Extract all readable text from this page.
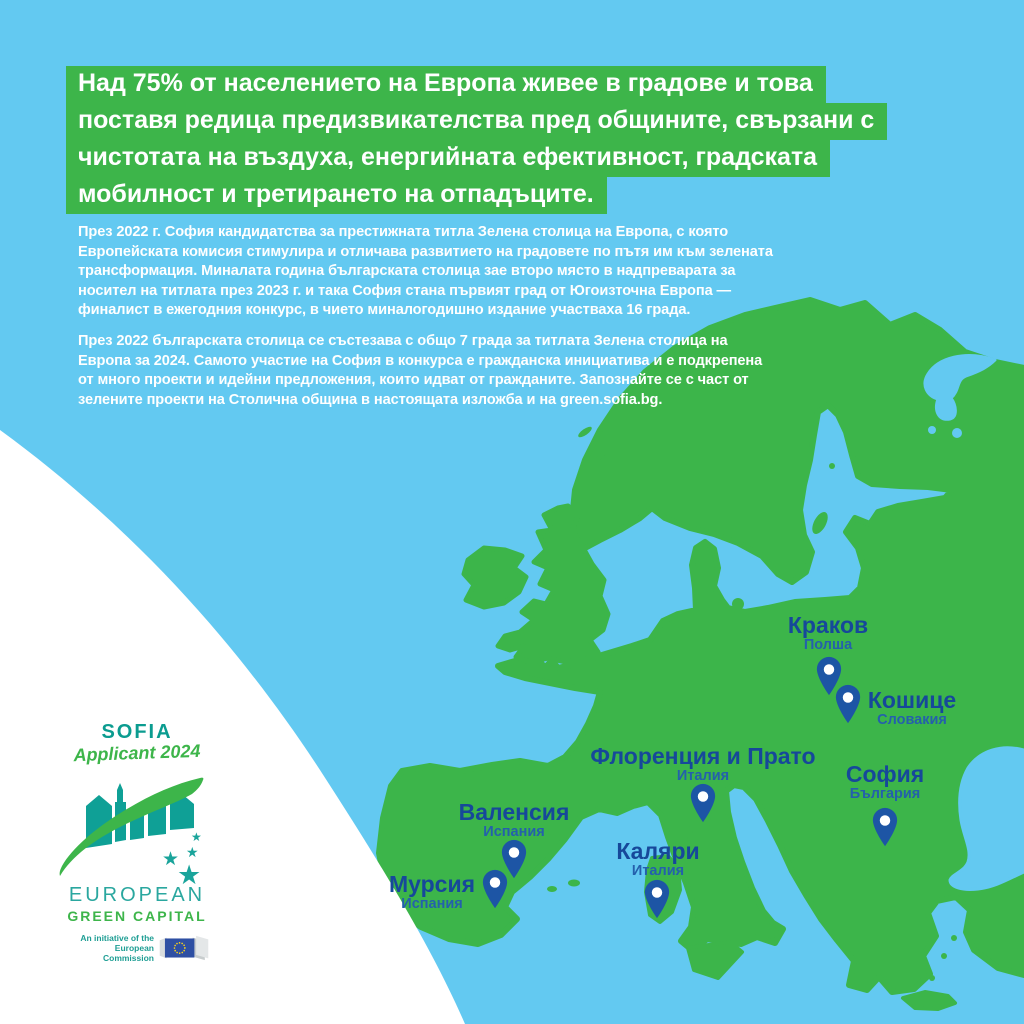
Над 75% от населението на Европа живее в градове и това
поставя редица предизвикателства пред общините, свързани с
чистотата на въздуха, енергийната ефективност, градската
мобилност и третирането на отпадъците.
През 2022 г. София кандидатства за престижната титла Зелена столица на Европа, с която
Европейската комисия стимулира и отличава развитието на градовете по пътя им към зелената
трансформация. Миналата година българската столица зае второ място в надпреварата за
носител на титлата през 2023 г. и така София стана първият град от Югоизточна Европа —
финалист в ежегодния конкурс, в чието миналогодишно издание участваха 16 града.
През 2022 българската столица се състезава с общо 7 града за титлата Зелена столица на
Европа за 2024. Самото участие на София в конкурса е гражданска инициатива и е подкрепена
от много проекти и идейни предложения, които идват от гражданите. Запознайте се с част от
зелените проекти на Столична община в настоящата изложба и на green.sofia.bg.
Краков
Полша
Кошице
Словакия
Флоренция и Прато
Италия	София
България
Валенсия
Испания
Мурсия
Испания
Каляри
Италия
SOFIA
Applicant 2024
★
★ ★
★
EUROPEAN
GREEN CAPITAL
An initiative of the
European Commission
